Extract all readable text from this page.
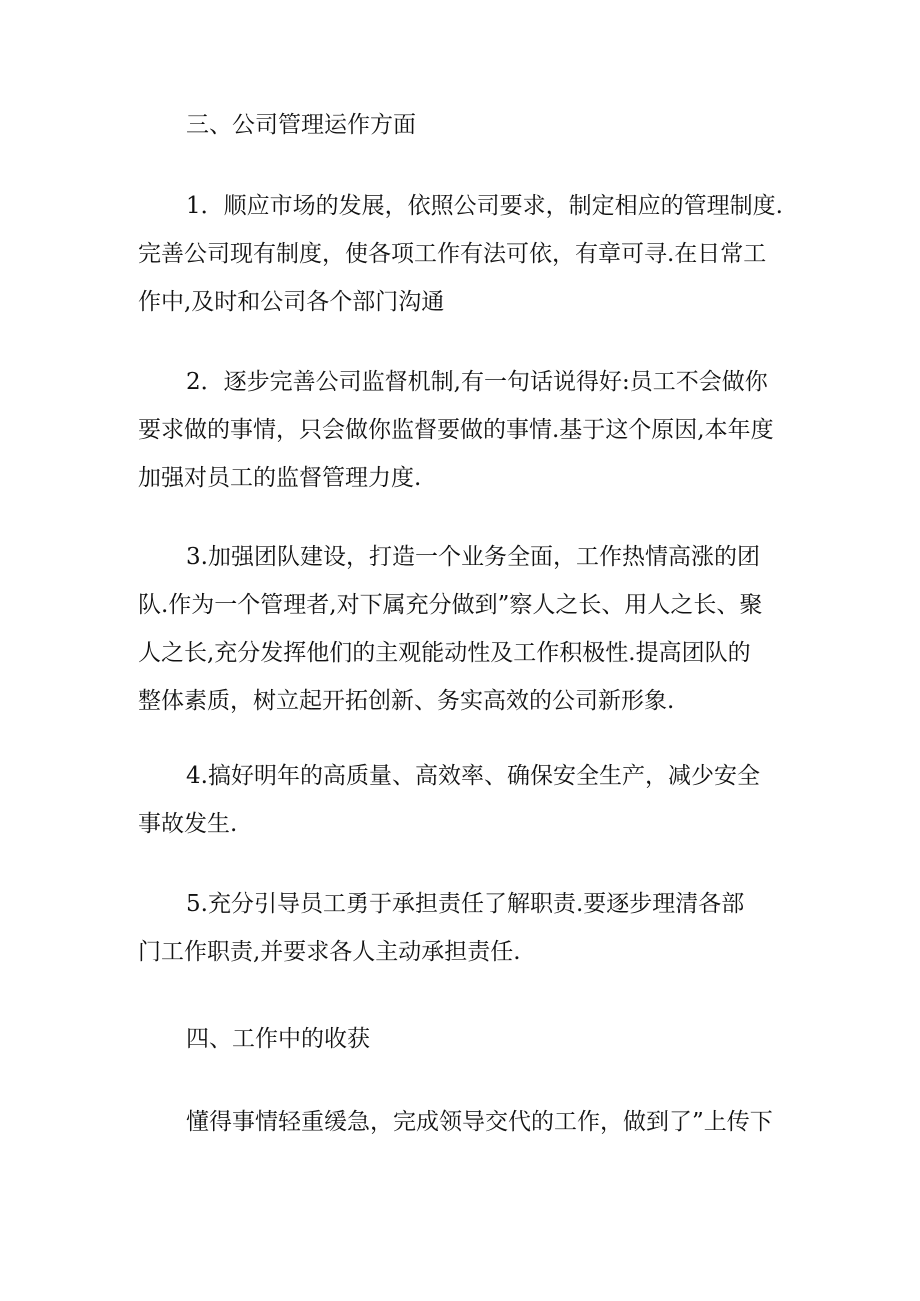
三、公司管理运作方面

1．顺应市场的发展，依照公司要求，制定相应的管理制度.
完善公司现有制度，使各项工作有法可依，有章可寻.在日常工
作中,及时和公司各个部门沟通
2．逐步完善公司监督机制,有一句话说得好:员工不会做你
要求做的事情，只会做你监督要做的事情.基于这个原因,本年度
加强对员工的监督管理力度.
3.加强团队建设，打造一个业务全面，工作热情高涨的团
队.作为一个管理者,对下属充分做到”察人之长、用人之长、聚
人之长,充分发挥他们的主观能动性及工作积极性.提高团队的
整体素质，树立起开拓创新、务实高效的公司新形象.
4.搞好明年的高质量、高效率、确保安全生产，减少安全
事故发生.
5.充分引导员工勇于承担责任了解职责.要逐步理清各部
门工作职责,并要求各人主动承担责任.

四、工作中的收获

懂得事情轻重缓急，完成领导交代的工作，做到了”上传下
